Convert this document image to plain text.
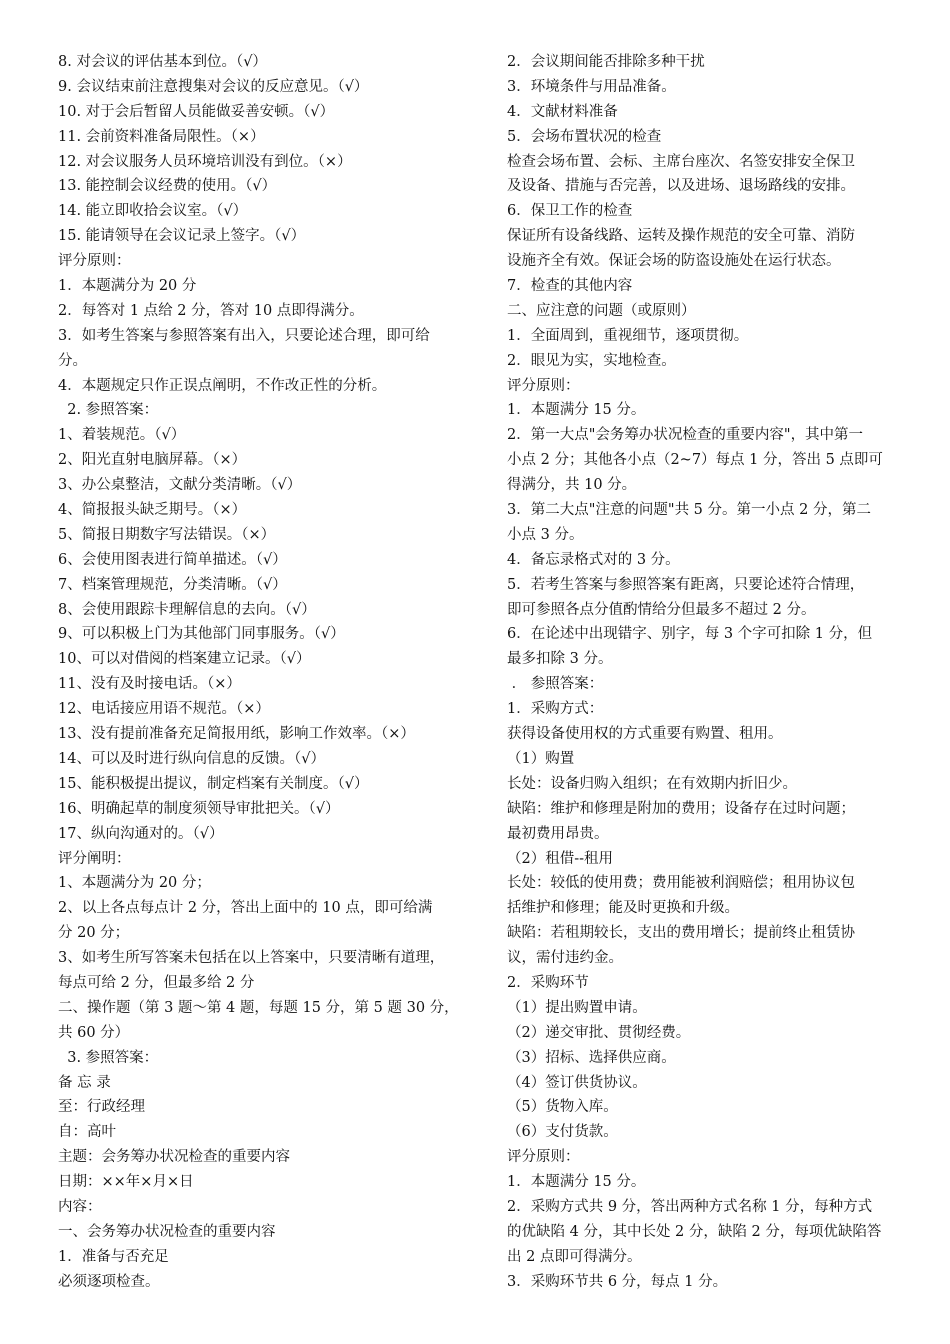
8. 对会议的评估基本到位。（√）
9. 会议结束前注意搜集对会议的反应意见。（√）
10. 对于会后暂留人员能做妥善安顿。（√）
11. 会前资料准备局限性。（×）
12. 对会议服务人员环境培训没有到位。（×）
13. 能控制会议经费的使用。（√）
14. 能立即收拾会议室。（√）
15. 能请领导在会议记录上签字。（√）
评分原则：
1．本题满分为 20 分
2．每答对 1 点给 2 分，答对 10 点即得满分。
3．如考生答案与参照答案有出入，只要论述合理，即可给
分。
4．本题规定只作正误点阐明，不作改正性的分析。
2. 参照答案：
1、着装规范。（√）
2、阳光直射电脑屏幕。（×）
3、办公桌整洁，文献分类清晰。（√）
4、简报报头缺乏期号。（×）
5、简报日期数字写法错误。（×）
6、会使用图表进行简单描述。（√）
7、档案管理规范，分类清晰。（√）
8、会使用跟踪卡理解信息的去向。（√）
9、可以积极上门为其他部门同事服务。（√）
10、可以对借阅的档案建立记录。（√）
11、没有及时接电话。（×）
12、电话接应用语不规范。（×）
13、没有提前准备充足简报用纸，影响工作效率。（×）
14、可以及时进行纵向信息的反馈。（√）
15、能积极提出提议，制定档案有关制度。（√）
16、明确起草的制度须领导审批把关。（√）
17、纵向沟通对的。（√）
评分阐明：
1、本题满分为 20 分；
2、以上各点每点计 2 分，答出上面中的 10 点，即可给满
分 20 分；
3、如考生所写答案未包括在以上答案中，只要清晰有道理，
每点可给 2 分，但最多给 2 分
二、操作题（第 3 题～第 4 题，每题 15 分，第 5 题 30 分，
共 60 分）
3. 参照答案：
备 忘 录
至：行政经理
自：高叶
主题：会务筹办状况检查的重要内容
日期：××年×月×日
内容：
一、会务筹办状况检查的重要内容
1．准备与否充足
必须逐项检查。
2．会议期间能否排除多种干扰
3．环境条件与用品准备。
4．文献材料准备
5．会场布置状况的检查
检查会场布置、会标、主席台座次、名签安排安全保卫
及设备、措施与否完善，以及进场、退场路线的安排。
6．保卫工作的检查
保证所有设备线路、运转及操作规范的安全可靠、消防
设施齐全有效。保证会场的防盗设施处在运行状态。
7．检查的其他内容
二、应注意的问题（或原则）
1．全面周到，重视细节，逐项贯彻。
2．眼见为实，实地检查。
评分原则：
1．本题满分 15 分。
2．第一大点"会务筹办状况检查的重要内容"，其中第一
小点 2 分；其他各小点（2~7）每点 1 分，答出 5 点即可
得满分，共 10 分。
3．第二大点"注意的问题"共 5 分。第一小点 2 分，第二
小点 3 分。
4．备忘录格式对的 3 分。
5．若考生答案与参照答案有距离，只要论述符合情理，
即可参照各点分值酌情给分但最多不超过 2 分。
6．在论述中出现错字、别字，每 3 个字可扣除 1 分，但
最多扣除 3 分。
． 参照答案：
1．采购方式：
获得设备使用权的方式重要有购置、租用。
（1）购置
长处：设备归购入组织；在有效期内折旧少。
缺陷：维护和修理是附加的费用；设备存在过时问题；
最初费用昂贵。
（2）租借--租用
长处：较低的使用费；费用能被利润赔偿；租用协议包
括维护和修理；能及时更换和升级。
缺陷：若租期较长，支出的费用增长；提前终止租赁协
议，需付违约金。
2．采购环节
（1）提出购置申请。
（2）递交审批、贯彻经费。
（3）招标、选择供应商。
（4）签订供货协议。
（5）货物入库。
（6）支付货款。
评分原则：
1．本题满分 15 分。
2．采购方式共 9 分，答出两种方式名称 1 分，每种方式
的优缺陷 4 分，其中长处 2 分，缺陷 2 分，每项优缺陷答
出 2 点即可得满分。
3．采购环节共 6 分，每点 1 分。
